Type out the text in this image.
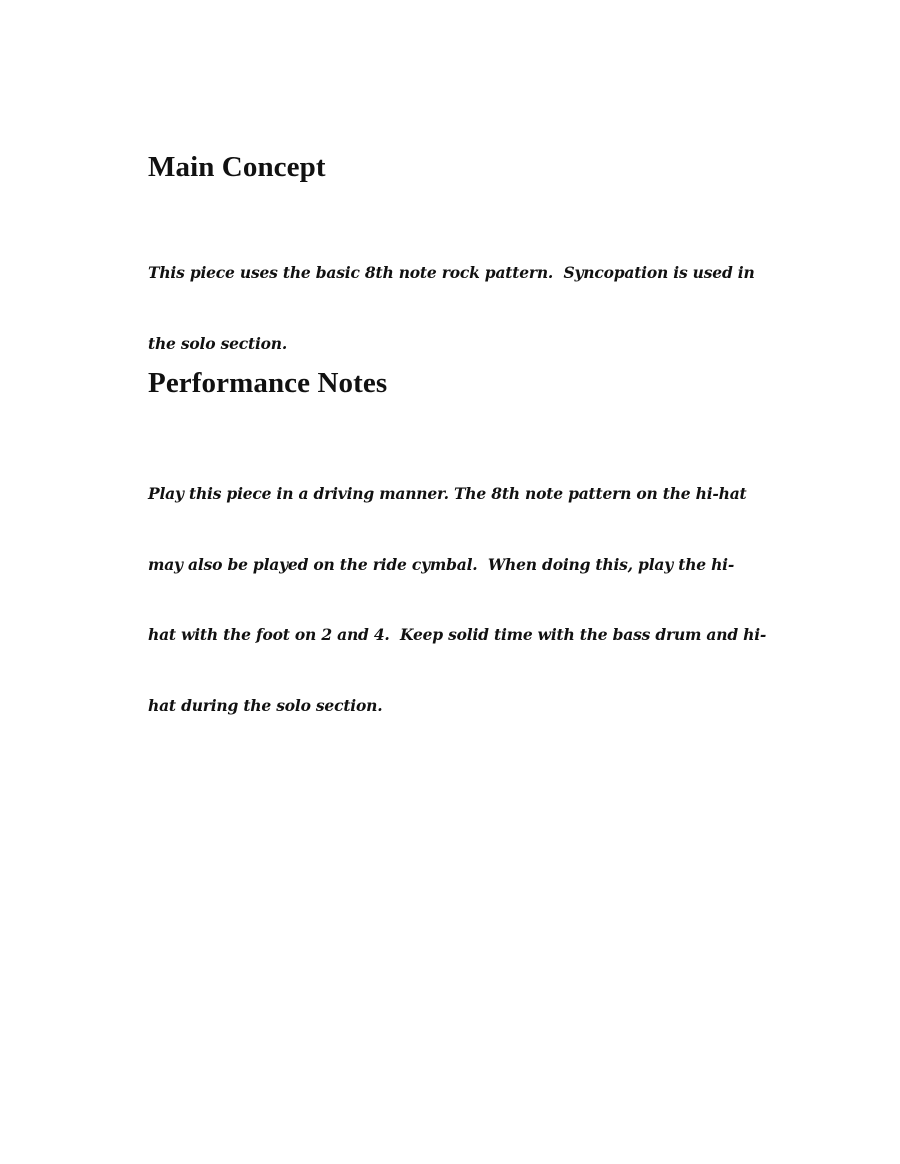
Main Concept

This piece uses the basic 8th note rock pattern.  Syncopation is used in

the solo section.

Performance Notes

Play this piece in a driving manner. The 8th note pattern on the hi-hat

may also be played on the ride cymbal.  When doing this, play the hi-

hat with the foot on 2 and 4.  Keep solid time with the bass drum and hi-

hat during the solo section.
